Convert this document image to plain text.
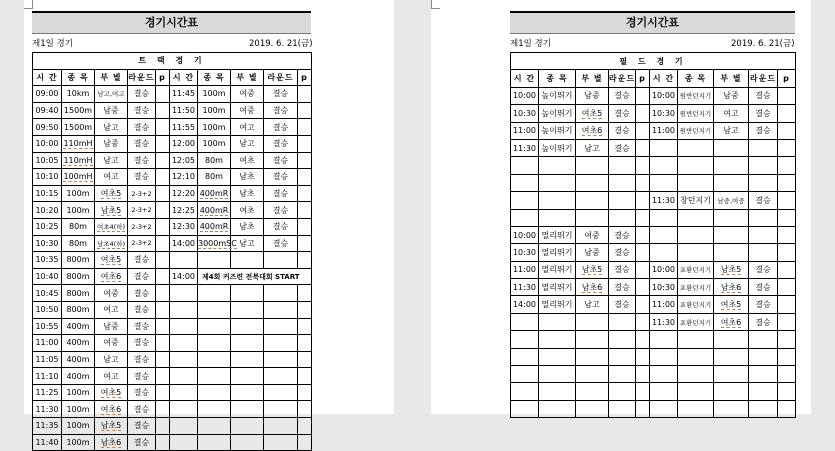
경기시간표
제1일 경기	2019. 6. 21(금)
트 랙 경 기									
시 간	종 목	부 별	라운드	p	시 간	종 목	부 별	라운드	p
09:00	10km	남고,여고	결승		11:45	100m	여중	결승	
09:40	1500m	남중	결승		11:50	100m	여중	결승	
09:50	1500m	남고	결승		11:55	100m	여고	결승	
10:00	110mH	남중	결승		12:00	100m	남고	결승	
10:05	110mH	남고	결승		12:05	80m	여초	결승	
10:10	100mH	여고	결승		12:10	80m	남초	결승	
10:15	100m	여초5	2-3+2		12:20	400mR	남초	결승	
10:20	100m	남초5	2-3+2		12:25	400mR	여초	결승	
10:25	80m	여초4(하)	2-3+2		12:30	400mR	남초	결승	
10:30	80m	남초4(하)	2-3+2		14:00	3000mSC	남고	결승	
10:35	800m	여초5	결승						
10:40	800m	여초6	결승		14:00	제4회 커즈련 전북대회 START			
10:45	800m	여중	결승						
10:50	800m	여고	결승						
10:55	400m	남중	결승						
11:00	400m	여중	결승						
11:05	400m	남고	결승						
11:10	400m	여고	결승						
11:25	100m	여초5	결승						
11:30	100m	여초6	결승						
11:35	100m	남초5	결승						
11:40	100m	남초6	결승						
경기시간표
제1일 경기	2019. 6. 21(금)
필 드 경 기									
시 간	종 목	부 별	라운드	p	시 간	종 목	부 별	라운드	p
10:00	높이뛰기	남중	결승		10:00	원반던지기	남중	결승	
10:30	높이뛰기	여초5	결승		10:30	원반던지기	여고	결승	
11:00	높이뛰기	여초6	결승		11:00	원반던지기	남고	결승	
11:30	높이뛰기	남고	결승						

					11:30	창던지기	남중,여중	결승	

10:00	멀리뛰기	여중	결승						
10:30	멀리뛰기	남중	결승						
11:00	멀리뛰기	남초5	결승		10:00	포환던지기	남초5	결승	
11:30	멀리뛰기	남초6	결승		10:30	포환던지기	남초6	결승	
14:00	멀리뛰기	남고	결승		11:00	포환던지기	여초5	결승	
					11:30	포환던지기	여초6	결승	
